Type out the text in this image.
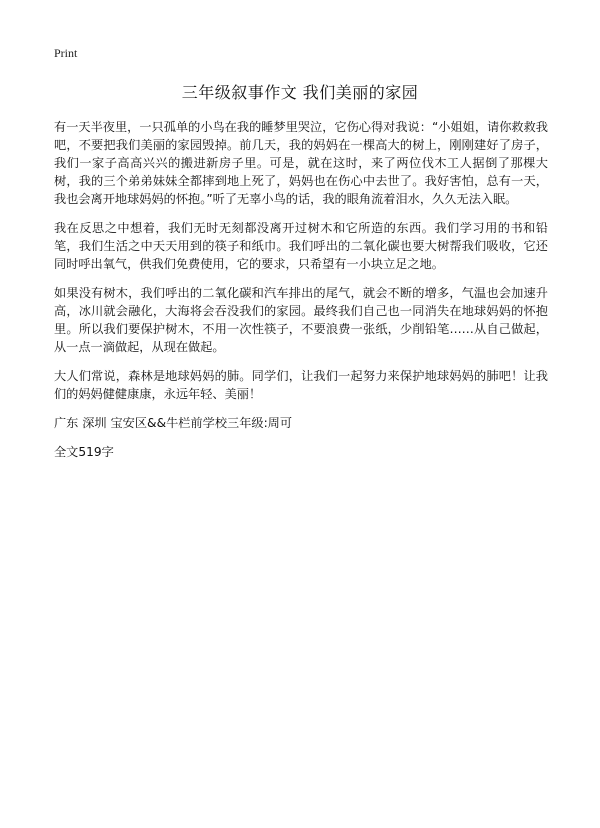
Print
三年级叙事作文 我们美丽的家园

有一天半夜里，一只孤单的小鸟在我的睡梦里哭泣，它伤心得对我说：“小姐姐，请你救救我吧，不要把我们美丽的家园毁掉。前几天，我的妈妈在一棵高大的树上，刚刚建好了房子，我们一家子高高兴兴的搬进新房子里。可是，就在这时，来了两位伐木工人据倒了那棵大树，我的三个弟弟妹妹全都摔到地上死了，妈妈也在伤心中去世了。我好害怕，总有一天，我也会离开地球妈妈的怀抱。”听了无辜小鸟的话，我的眼角流着泪水，久久无法入眠。

我在反思之中想着，我们无时无刻都没离开过树木和它所造的东西。我们学习用的书和铅笔，我们生活之中天天用到的筷子和纸巾。我们呼出的二氧化碳也要大树帮我们吸收，它还同时呼出氧气，供我们免费使用，它的要求，只希望有一小块立足之地。

如果没有树木，我们呼出的二氧化碳和汽车排出的尾气，就会不断的增多，气温也会加速升高，冰川就会融化，大海将会吞没我们的家园。最终我们自己也一同消失在地球妈妈的怀抱里。所以我们要保护树木，不用一次性筷子，不要浪费一张纸，少削铅笔……从自己做起，从一点一滴做起，从现在做起。

大人们常说，森林是地球妈妈的肺。同学们，让我们一起努力来保护地球妈妈的肺吧！让我们的妈妈健健康康，永远年轻、美丽！

广东 深圳 宝安区&&牛栏前学校三年级:周可

全文519字
